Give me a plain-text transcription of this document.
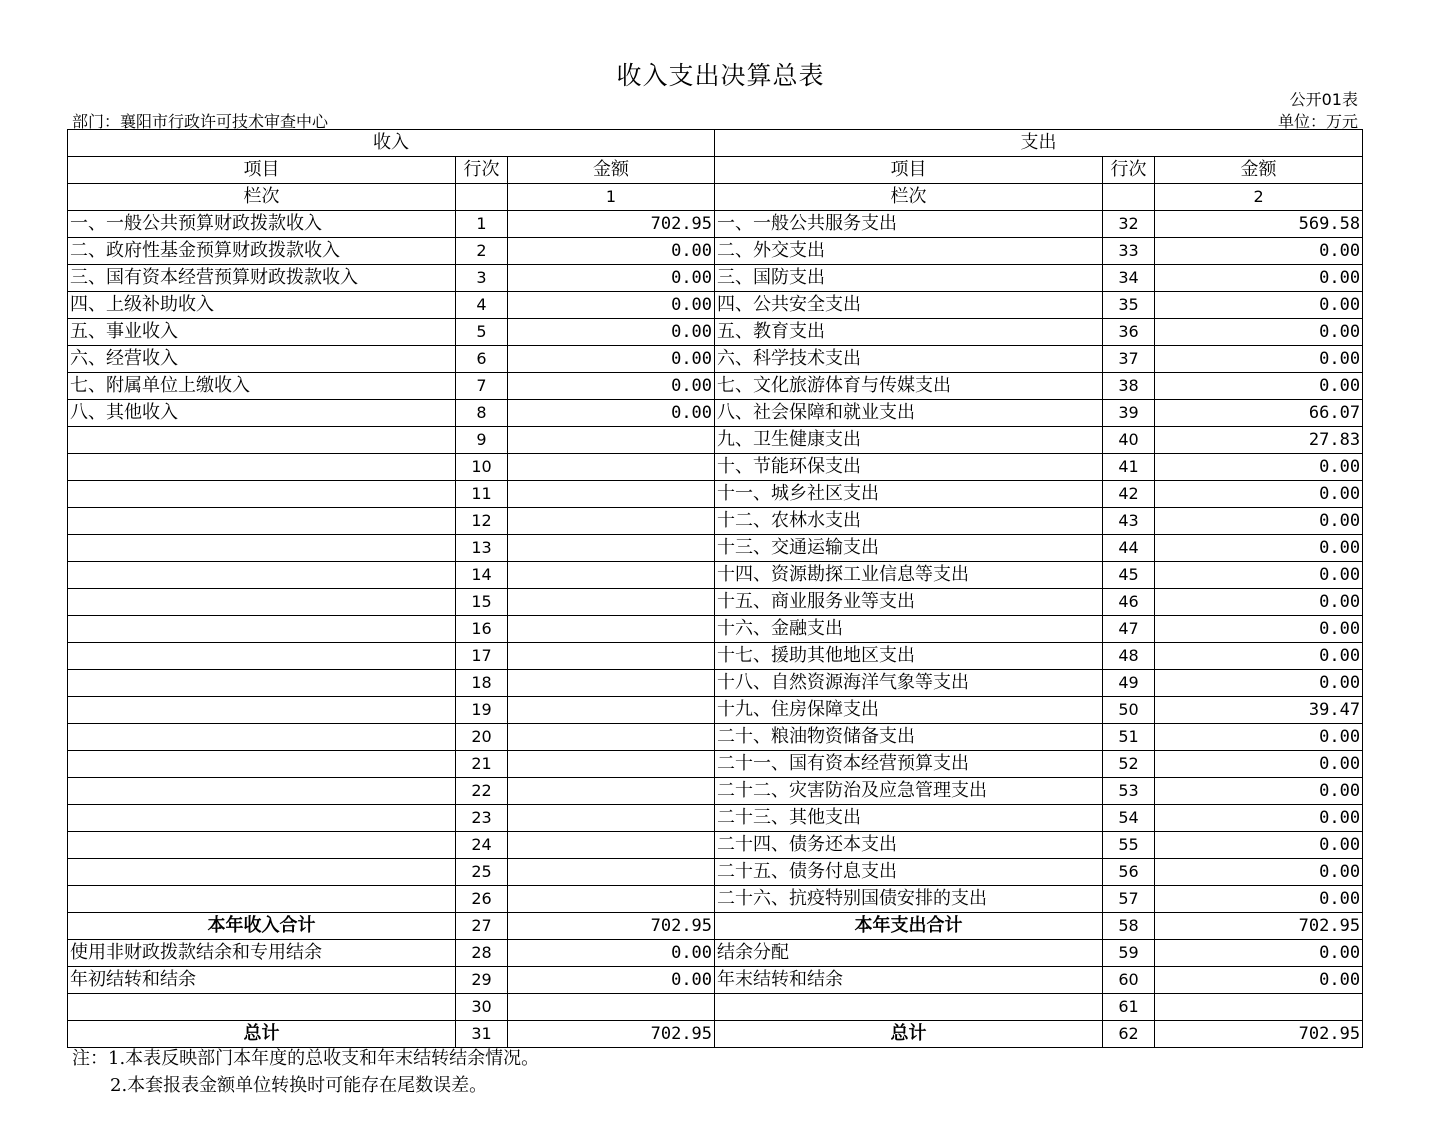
收入支出决算总表
公开01表
部门：襄阳市行政许可技术审查中心	单位：万元
收入			支出		
项目	行次	金额	项目	行次	金额
栏次		1	栏次		2
一、一般公共预算财政拨款收入	1	702.95	一、一般公共服务支出	32	569.58
二、政府性基金预算财政拨款收入	2	0.00	二、外交支出	33	0.00
三、国有资本经营预算财政拨款收入	3	0.00	三、国防支出	34	0.00
四、上级补助收入	4	0.00	四、公共安全支出	35	0.00
五、事业收入	5	0.00	五、教育支出	36	0.00
六、经营收入	6	0.00	六、科学技术支出	37	0.00
七、附属单位上缴收入	7	0.00	七、文化旅游体育与传媒支出	38	0.00
八、其他收入	8	0.00	八、社会保障和就业支出	39	66.07
	9		九、卫生健康支出	40	27.83
	10		十、节能环保支出	41	0.00
	11		十一、城乡社区支出	42	0.00
	12		十二、农林水支出	43	0.00
	13		十三、交通运输支出	44	0.00
	14		十四、资源勘探工业信息等支出	45	0.00
	15		十五、商业服务业等支出	46	0.00
	16		十六、金融支出	47	0.00
	17		十七、援助其他地区支出	48	0.00
	18		十八、自然资源海洋气象等支出	49	0.00
	19		十九、住房保障支出	50	39.47
	20		二十、粮油物资储备支出	51	0.00
	21		二十一、国有资本经营预算支出	52	0.00
	22		二十二、灾害防治及应急管理支出	53	0.00
	23		二十三、其他支出	54	0.00
	24		二十四、债务还本支出	55	0.00
	25		二十五、债务付息支出	56	0.00
	26		二十六、抗疫特别国债安排的支出	57	0.00
本年收入合计	27	702.95	本年支出合计	58	702.95
使用非财政拨款结余和专用结余	28	0.00	结余分配	59	0.00
年初结转和结余	29	0.00	年末结转和结余	60	0.00
	30			61	
总计	31	702.95	总计	62	702.95
注：1.本表反映部门本年度的总收支和年末结转结余情况。
2.本套报表金额单位转换时可能存在尾数误差。
